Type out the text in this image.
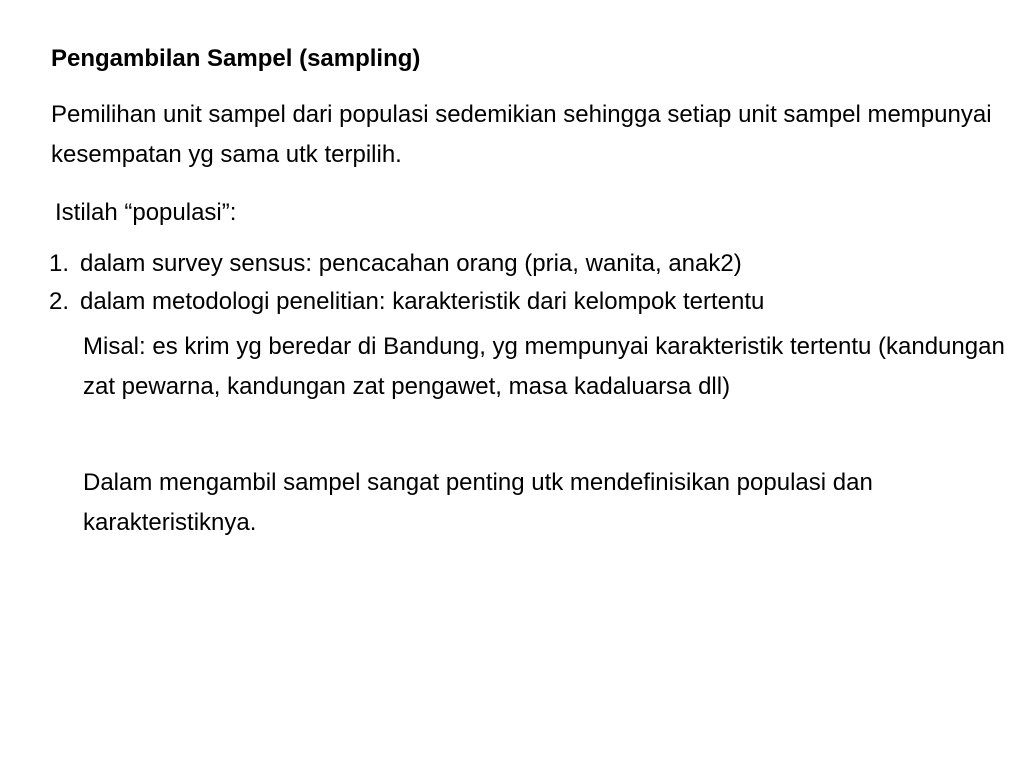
Pengambilan Sampel (sampling)
Pemilihan unit sampel dari populasi sedemikian sehingga setiap unit sampel mempunyai kesempatan yg sama utk terpilih.
Istilah “populasi”:
1. dalam survey sensus: pencacahan orang (pria, wanita, anak2)
2. dalam metodologi penelitian: karakteristik dari kelompok tertentu
Misal: es krim yg beredar di Bandung, yg mempunyai karakteristik tertentu (kandungan zat pewarna, kandungan zat pengawet, masa kadaluarsa dll)
Dalam mengambil sampel sangat penting utk mendefinisikan populasi dan karakteristiknya.
